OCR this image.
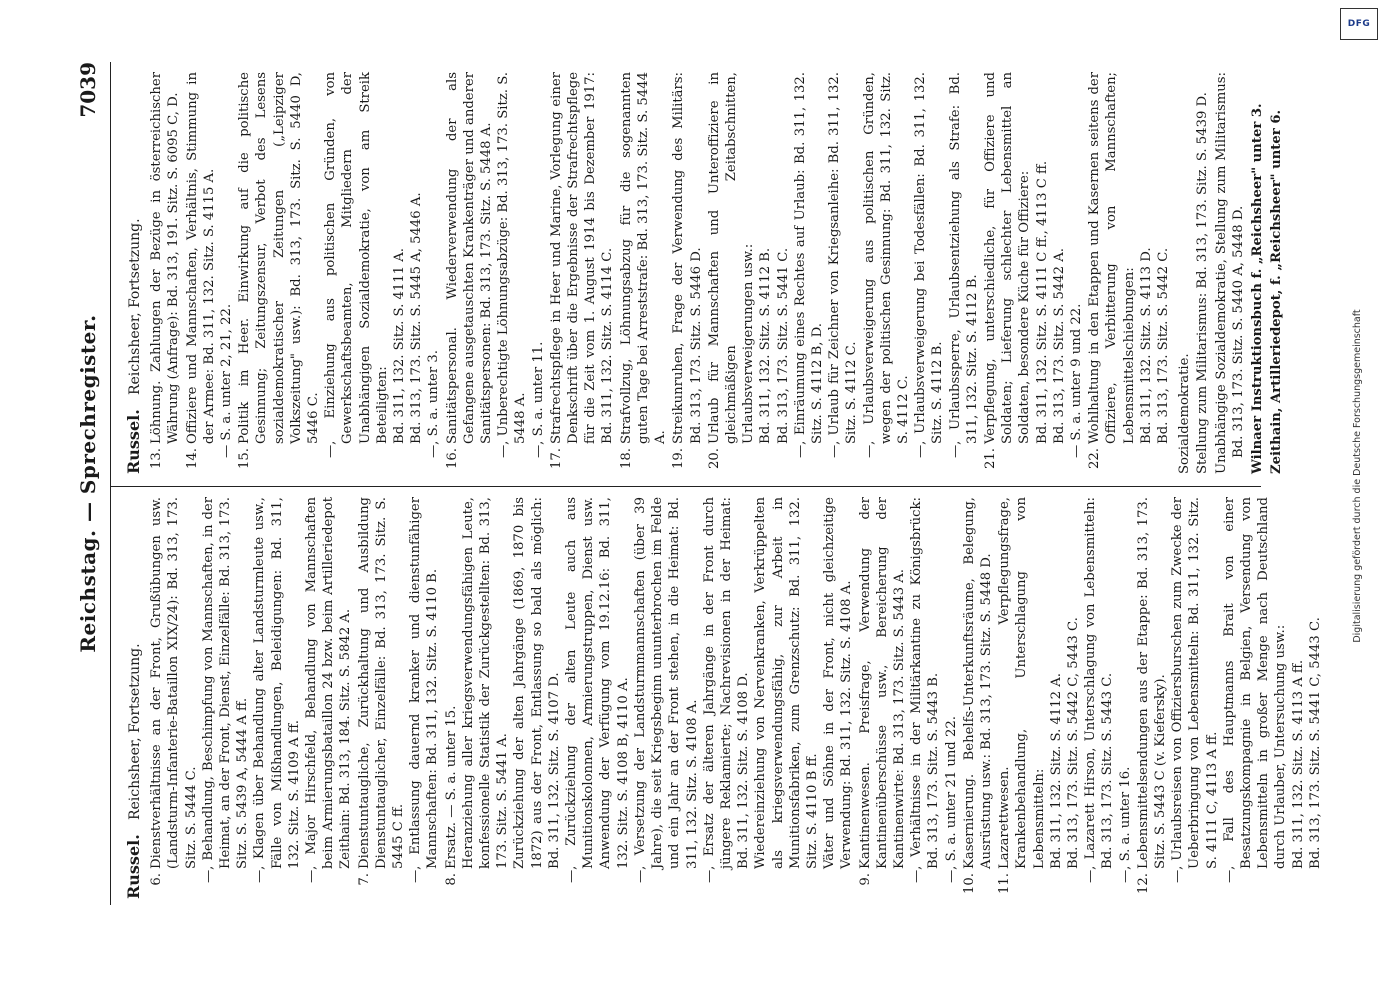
Reichstag. — Sprechregister.
7039
Russel. Reichsheer, Fortsetzung.
6.

Dienstverhältnisse an der Front, Grußübungen usw. (Landsturm-Infanterie-Bataillon XIX/24): Bd. 313, 173. Sitz. S. 5444 C. —, Behandlung, Beschimpfung von Mannschaften, in der Heimat, an der Front, Dienst, Einzelfälle: Bd. 313, 173. Sitz. S. 5439 A, 5444 A ff. —, Klagen über Behandlung alter Landsturmleute usw., Fälle von Mißhandlungen, Beleidigungen: Bd. 311, 132. Sitz. S. 4109 A ff. —, Major Hirschfeld, Behandlung von Mannschaften beim Armierungsbataillon 24 bzw. beim Artilleriedepot Zeithain: Bd. 313, 184. Sitz. S. 5842 A.

7.

Dienstuntaugliche, Zurückhaltung und Ausbildung Dienstuntauglicher, Einzelfälle: Bd. 313, 173. Sitz. S. 5445 C ff. —, Entlassung dauernd kranker und dienstunfähiger Mannschaften: Bd. 311, 132. Sitz. S. 4110 B.

8.

Ersatz. — S. a. unter 15. Heranziehung aller kriegsverwendungsfähigen Leute, konfessionelle Statistik der Zurückgestellten: Bd. 313, 173. Sitz. S. 5441 A. Zurückziehung der alten Jahrgänge (1869, 1870 bis 1872) aus der Front, Entlassung so bald als möglich: Bd. 311, 132. Sitz. S. 4107 D. —, Zurückziehung der alten Leute auch aus Munitionskolonnen, Armierungstruppen, Dienst usw. Anwendung der Verfügung vom 19.12.16: Bd. 311, 132. Sitz. S. 4108 B, 4110 A. —, Versetzung der Landsturmmannschaften (über 39 Jahre), die seit Kriegsbeginn ununterbrochen im Felde und ein Jahr an der Front stehen, in die Heimat: Bd. 311, 132. Sitz. S. 4108 A. —, Ersatz der älteren Jahrgänge in der Front durch jüngere Reklamierte; Nachrevisionen in der Heimat: Bd. 311, 132. Sitz. S. 4108 D. Wiedereinziehung von Nervenkranken, Verkrüppelten als kriegsverwendungsfähig, zur Arbeit in Munitionsfabriken, zum Grenzschutz: Bd. 311, 132. Sitz. S. 4110 B ff. Väter und Söhne in der Front, nicht gleichzeitige Verwendung: Bd. 311, 132. Sitz. S. 4108 A.

9.

Kantinenwesen. Preisfrage, Verwendung der Kantinenüberschüsse usw., Bereicherung der Kantinenwirte: Bd. 313, 173. Sitz. S. 5443 A. —, Verhältnisse in der Militärkantine zu Königsbrück: Bd. 313, 173. Sitz. S. 5443 B. —, S. a. unter 21 und 22.

10.

Kasernierung. Behelfs-Unterkunftsräume, Belegung, Ausrüstung usw.: Bd. 313, 173. Sitz. S. 5448 D.

11.

Lazarettwesen. Verpflegungsfrage, Krankenbehandlung, Unterschlagung von Lebensmitteln: Bd. 311, 132. Sitz. S. 4112 A. Bd. 313, 173. Sitz. S. 5442 C, 5443 C. —, Lazarett Hirson, Unterschlagung von Lebensmitteln: Bd. 313, 173. Sitz. S. 5443 C. —, S. a. unter 16.

12.

Lebensmittelsendungen aus der Etappe: Bd. 313, 173. Sitz. S. 5443 C (v. Kiefersky). —, Urlaubsreisen von Offiziersburschen zum Zwecke der Ueberbringung von Lebensmitteln: Bd. 311, 132. Sitz. S. 4111 C, 4113 A ff. —, Fall des Hauptmanns Brait von einer Besatzungskompagnie in Belgien, Versendung von Lebensmitteln in großer Menge nach Deutschland durch Urlauber, Untersuchung usw.: Bd. 311, 132. Sitz. S. 4113 A ff. Bd. 313, 173. Sitz. S. 5441 C, 5443 C.

Russel. Reichsheer, Fortsetzung.
13.

Löhnung. Zahlungen der Bezüge in österreichischer Währung (Anfrage): Bd. 313, 191. Sitz. S. 6095 C, D.

14.

Offiziere und Mannschaften, Verhältnis, Stimmung in der Armee: Bd. 311, 132. Sitz. S. 4115 A. — S. a. unter 2, 21, 22.

15.

Politik im Heer. Einwirkung auf die politische Gesinnung; Zeitungszensur, Verbot des Lesens sozialdemokratischer Zeitungen („Leipziger Volkszeitung" usw.): Bd. 313, 173. Sitz. S. 5440 D, 5446 C. —, Einziehung aus politischen Gründen, von Gewerkschaftsbeamten, Mitgliedern der Unabhängigen Sozialdemokratie, von am Streik Beteiligten: Bd. 311, 132. Sitz. S. 4111 A. Bd. 313, 173. Sitz. S. 5445 A, 5446 A. —, S. a. unter 3.

16.

Sanitätspersonal. Wiederverwendung der als Gefangene ausgetauschten Krankenträger und anderer Sanitätspersonen: Bd. 313, 173. Sitz. S. 5448 A. —, Unberechtigte Löhnungsabzüge: Bd. 313, 173. Sitz. S. 5448 A. —, S. a. unter 11.

17.

Strafrechtspflege in Heer und Marine, Vorlegung einer Denkschrift über die Ergebnisse der Strafrechtspflege für die Zeit vom 1. August 1914 bis Dezember 1917: Bd. 311, 132. Sitz. S. 4114 C.

18.

Strafvollzug, Löhnungsabzug für die sogenannten guten Tage bei Arreststrafe: Bd. 313, 173. Sitz. S. 5444 A.

19.

Streikunruhen, Frage der Verwendung des Militärs: Bd. 313, 173. Sitz. S. 5446 D.

20.

Urlaub für Mannschaften und Unteroffiziere in gleichmäßigen Zeitabschnitten, Urlaubsverweigerungen usw.: Bd. 311, 132. Sitz. S. 4112 B. Bd. 313, 173. Sitz. S. 5441 C. —, Einräumung eines Rechtes auf Urlaub: Bd. 311, 132. Sitz. S. 4112 B, D. —, Urlaub für Zeichner von Kriegsanleihe: Bd. 311, 132. Sitz. S. 4112 C. —, Urlaubsverweigerung aus politischen Gründen, wegen der politischen Gesinnung: Bd. 311, 132. Sitz. S. 4112 C. —, Urlaubsverweigerung bei Todesfällen: Bd. 311, 132. Sitz. S. 4112 B. —, Urlaubssperre, Urlaubsentziehung als Strafe: Bd. 311, 132. Sitz. S. 4112 B.

21.

Verpflegung, unterschiedliche, für Offiziere und Soldaten; Lieferung schlechter Lebensmittel an Soldaten, besondere Küche für Offiziere: Bd. 311, 132. Sitz. S. 4111 C ff., 4113 C ff. Bd. 313, 173. Sitz. S. 5442 A. — S. a. unter 9 und 22.

22.

Wohlhaltung in den Etappen und Kasernen seitens der Offiziere, Verbitterung von Mannschaften; Lebensmittelschiebungen: Bd. 311, 132. Sitz. S. 4113 D. Bd. 313, 173. Sitz. S. 5442 C. Sozialdemokratie. Stellung zum Militarismus: Bd. 313, 173. Sitz. S. 5439 D. Unabhängige Sozialdemokratie, Stellung zum Militarismus: Bd. 313, 173. Sitz. S. 5440 A, 5448 D. Wilnaer Instruktionsbuch f. „Reichsheer" unter 3. Zeithain, Artilleriedepot, f. „Reichsheer" unter 6.

DFG
Digitalisierung gefördert durch die Deutsche Forschungsgemeinschaft
